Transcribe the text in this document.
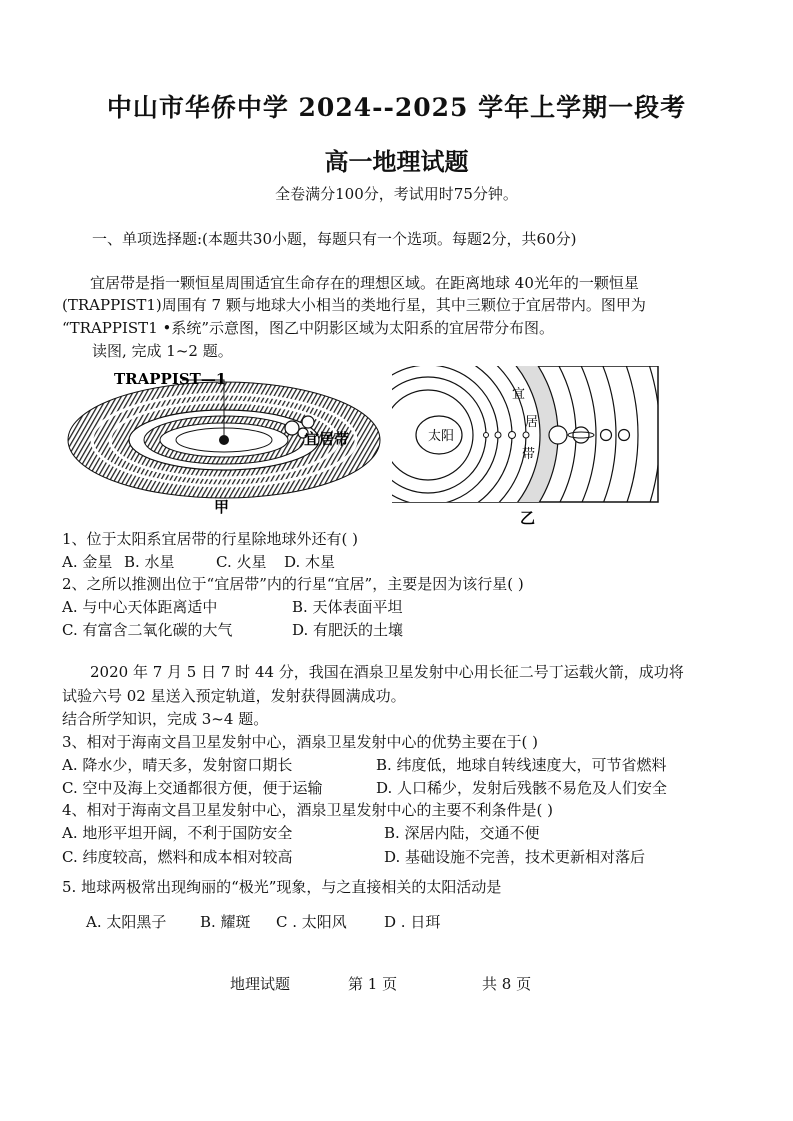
中山市华侨中学 2024--2025 学年上学期一段考
高一地理试题
全卷满分100分，考试用时75分钟。
一、单项选择题:(本题共30小题，每题只有一个选项。每题2分，共60分)
宜居带是指一颗恒星周围适宜生命存在的理想区域。在距离地球 40光年的一颗恒星
(TRAPPIST1)周围有 7 颗与地球大小相当的类地行星，其中三颗位于宜居带内。图甲为
“TRAPPIST1 •系统”示意图，图乙中阴影区域为太阳系的宜居带分布图。
读图, 完成 1~2 题。
TRAPPIST—1
宜居带
甲
太阳
宜
居
带
乙
1、位于太阳系宜居带的行星除地球外还有( )
A. 金星 B. 水星	C. 火星 D. 木星
2、之所以推测出位于“宜居带”内的行星“宜居”，主要是因为该行星( )
A. 与中心天体距离适中	B. 天体表面平坦
C. 有富含二氧化碳的大气	D. 有肥沃的土壤
2020 年 7 月 5 日 7 时 44 分，我国在酒泉卫星发射中心用长征二号丁运载火箭，成功将
试验六号 02 星送入预定轨道，发射获得圆满成功。
结合所学知识，完成 3~4 题。
3、相对于海南文昌卫星发射中心，酒泉卫星发射中心的优势主要在于( )
A. 降水少，晴天多，发射窗口期长	B. 纬度低，地球自转线速度大，可节省燃料
C. 空中及海上交通都很方便，便于运输	D. 人口稀少，发射后残骸不易危及人们安全
4、相对于海南文昌卫星发射中心，酒泉卫星发射中心的主要不利条件是( )
A. 地形平坦开阔，不利于国防安全	B. 深居内陆，交通不便
C. 纬度较高，燃料和成本相对较高	D. 基础设施不完善，技术更新相对落后
5. 地球两极常出现绚丽的“极光”现象，与之直接相关的太阳活动是
A. 太阳黑子 B. 耀斑 C . 太阳风 D . 日珥
地理试题	第 1 页	共 8 页
